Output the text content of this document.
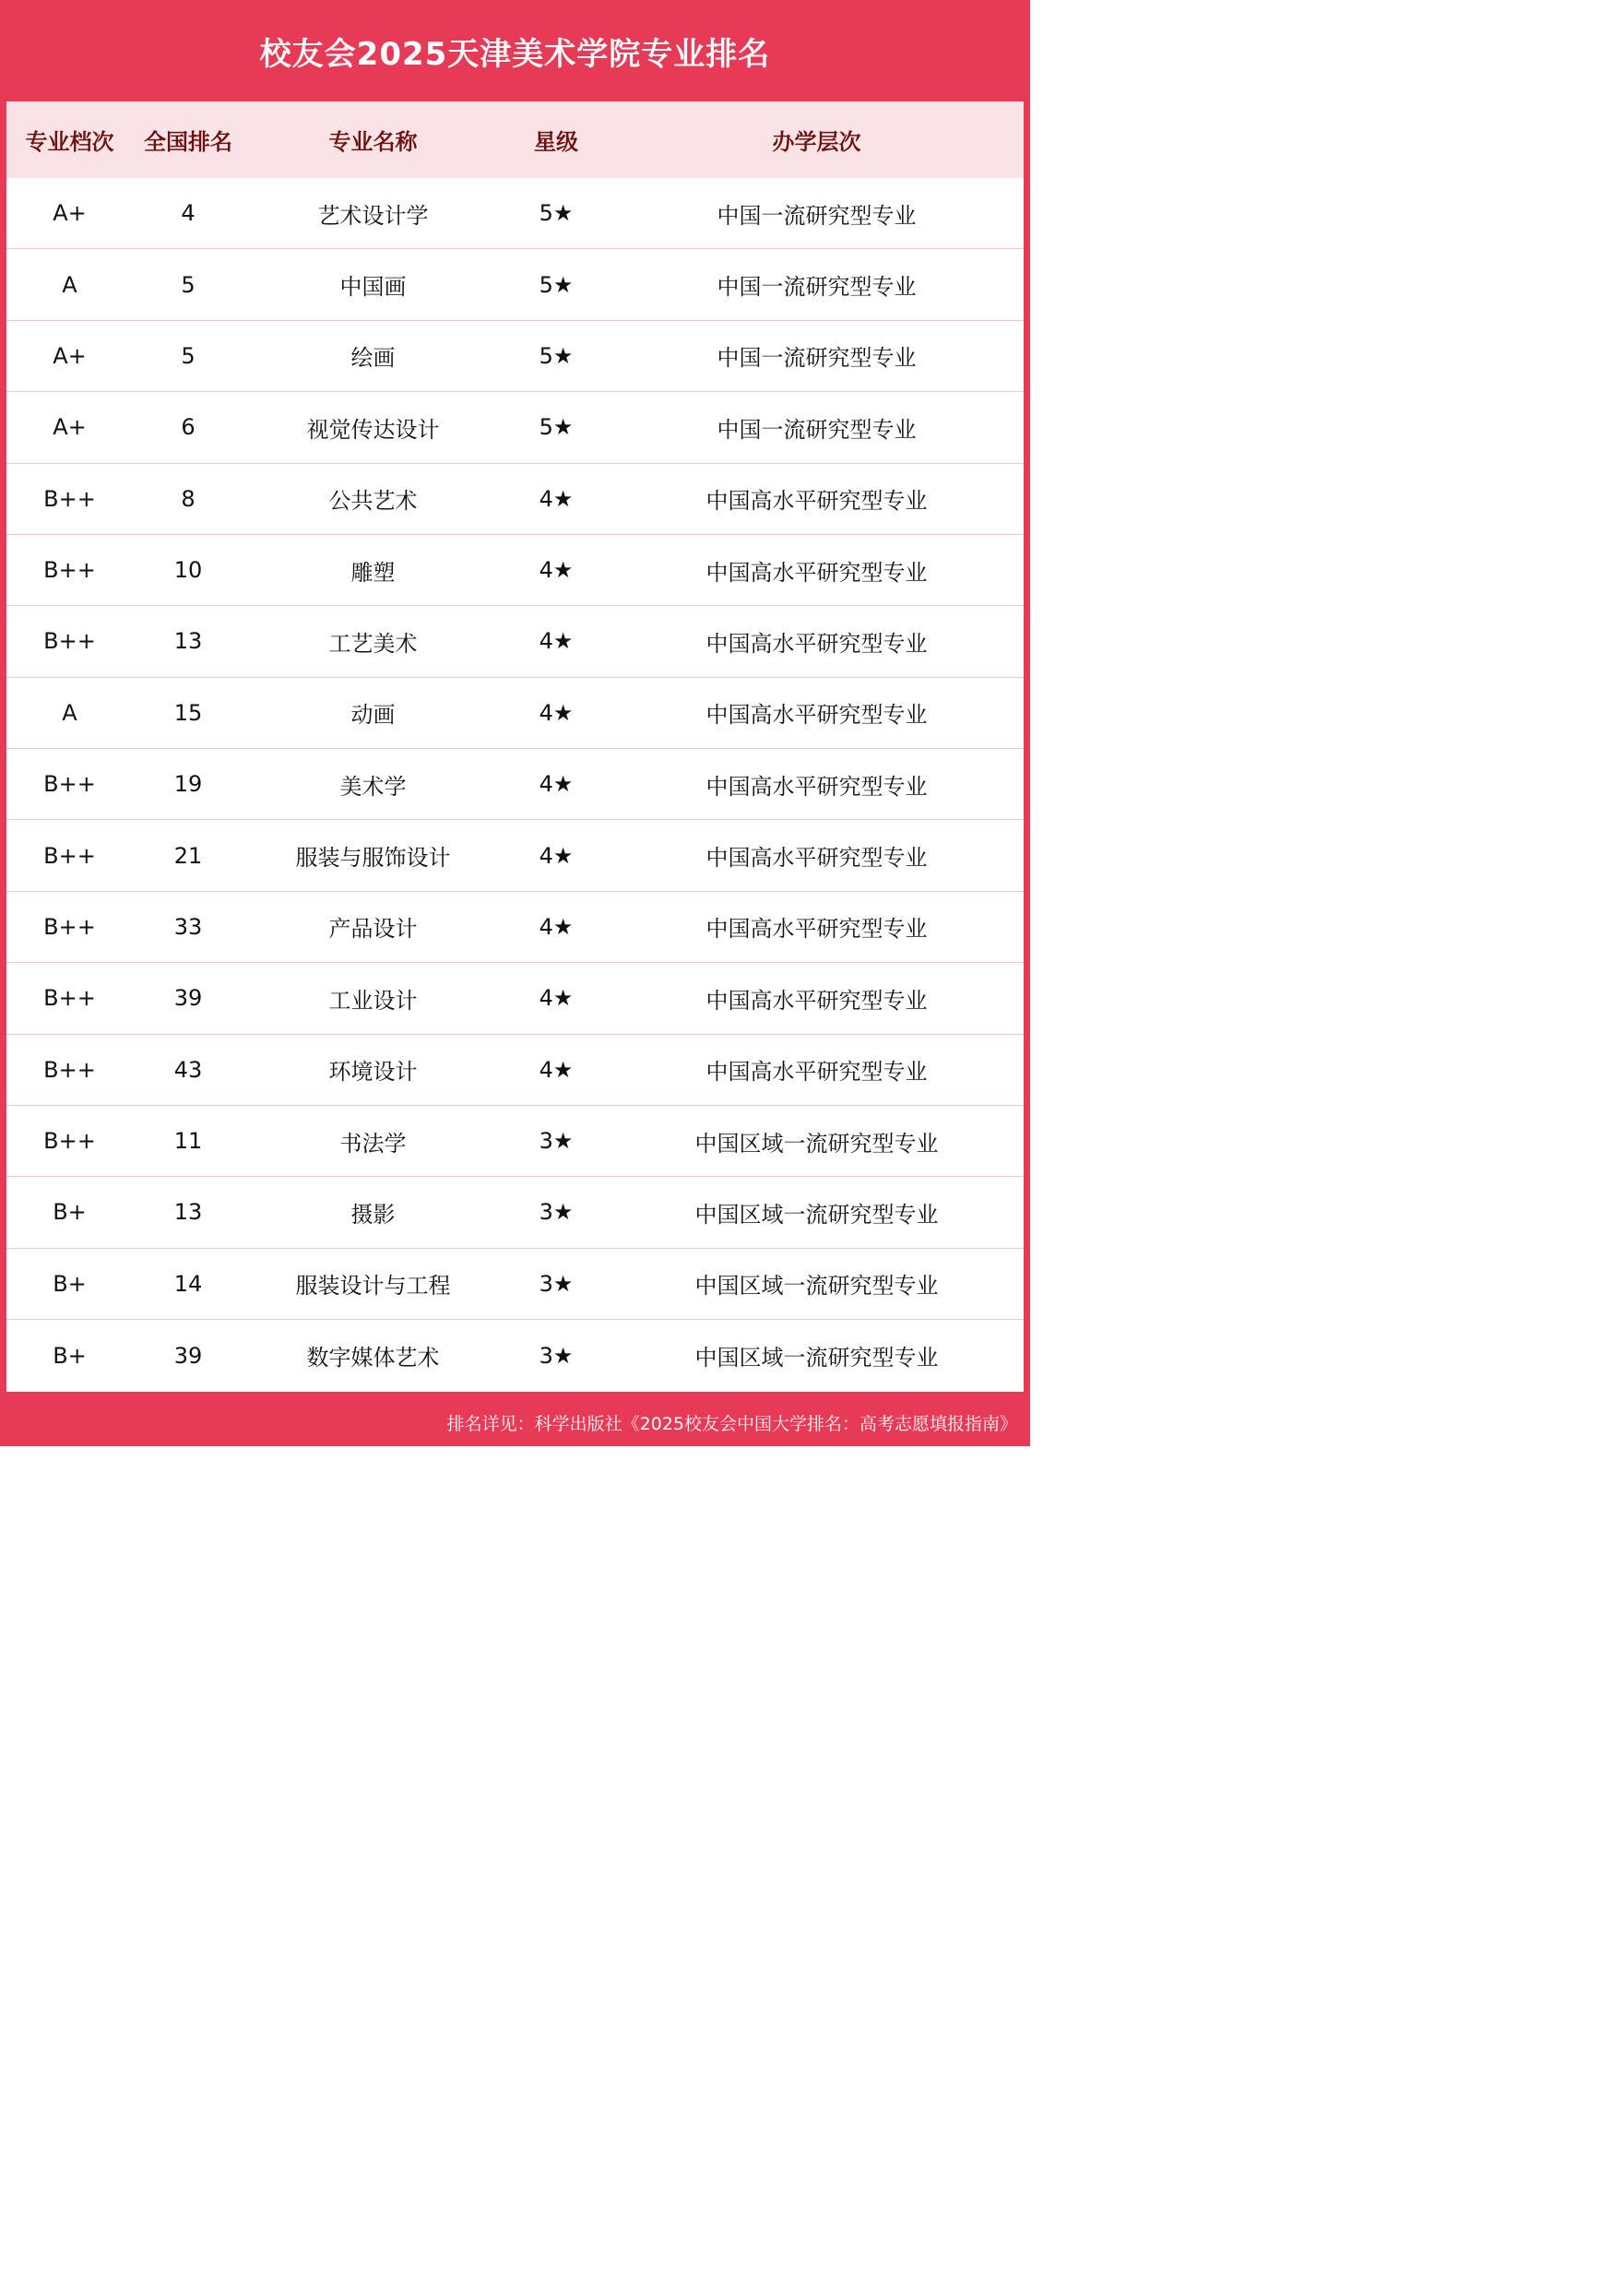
校友会2025天津美术学院专业排名
专业档次	全国排名	专业名称	星级	办学层次
A+	4	艺术设计学	5★	中国一流研究型专业
A	5	中国画	5★	中国一流研究型专业
A+	5	绘画	5★	中国一流研究型专业
A+	6	视觉传达设计	5★	中国一流研究型专业
B++	8	公共艺术	4★	中国高水平研究型专业
B++	10	雕塑	4★	中国高水平研究型专业
B++	13	工艺美术	4★	中国高水平研究型专业
A	15	动画	4★	中国高水平研究型专业
B++	19	美术学	4★	中国高水平研究型专业
B++	21	服装与服饰设计	4★	中国高水平研究型专业
B++	33	产品设计	4★	中国高水平研究型专业
B++	39	工业设计	4★	中国高水平研究型专业
B++	43	环境设计	4★	中国高水平研究型专业
B++	11	书法学	3★	中国区域一流研究型专业
B+	13	摄影	3★	中国区域一流研究型专业
B+	14	服装设计与工程	3★	中国区域一流研究型专业
B+	39	数字媒体艺术	3★	中国区域一流研究型专业
排名详见：科学出版社《2025校友会中国大学排名：高考志愿填报指南》
